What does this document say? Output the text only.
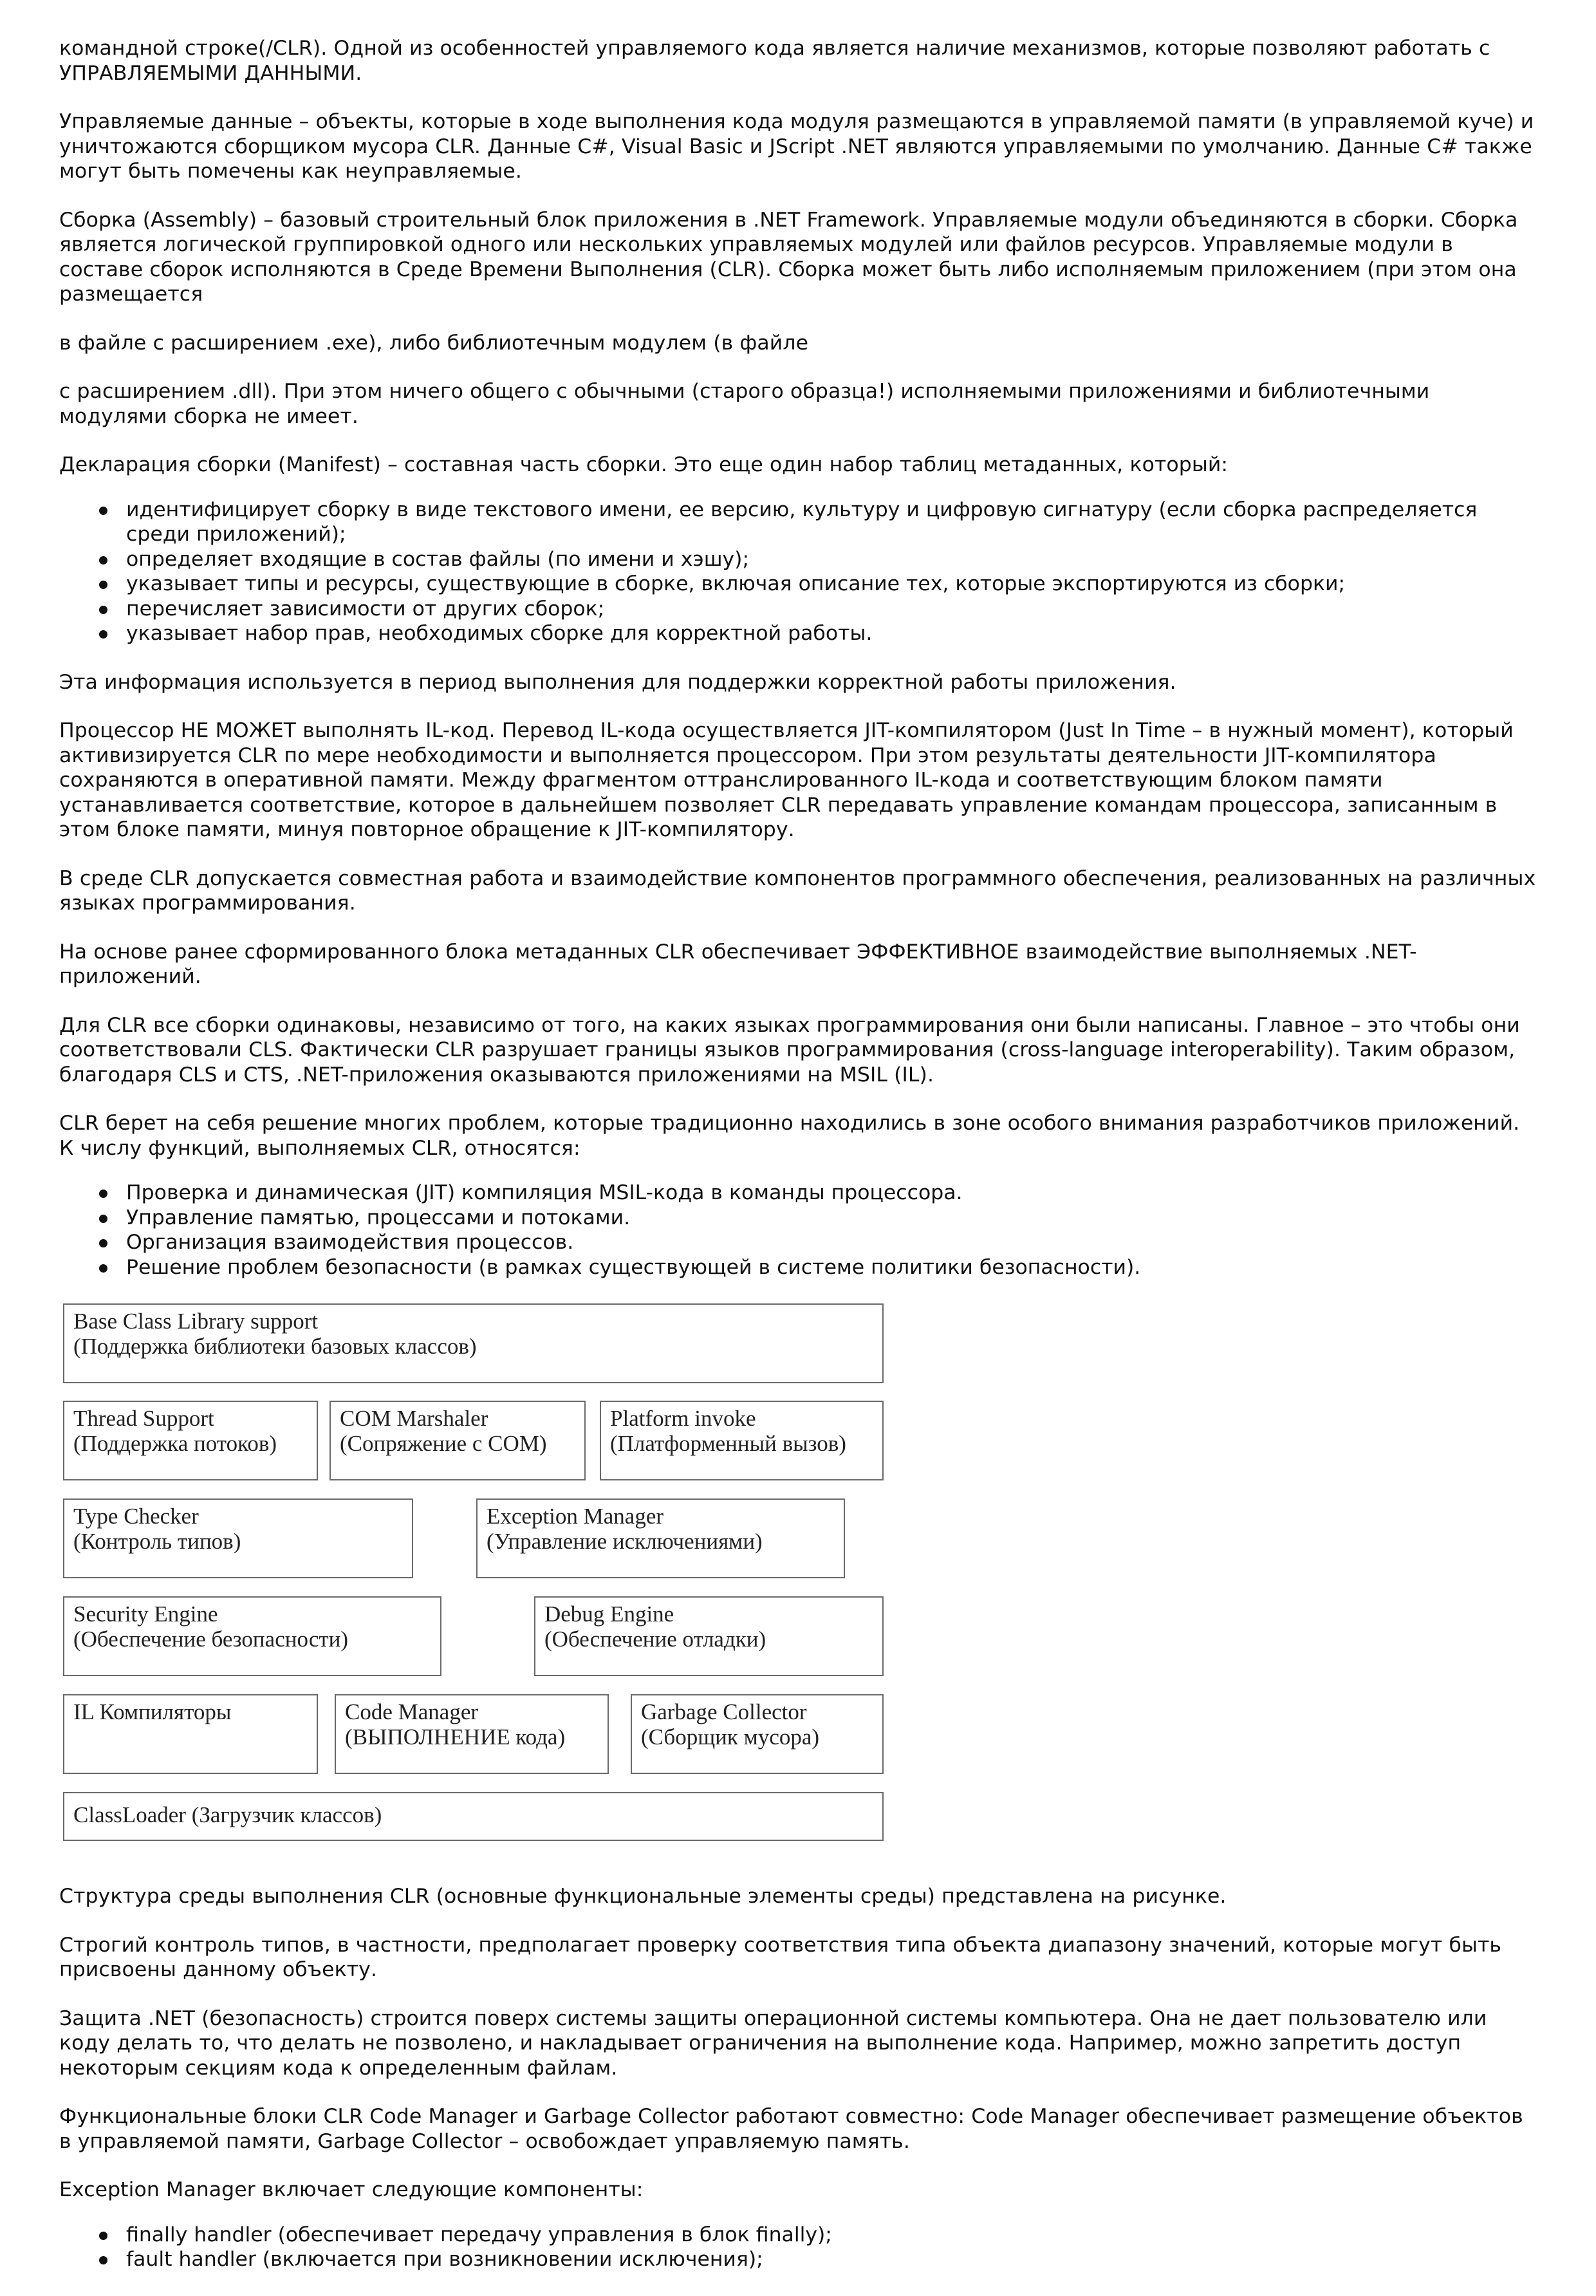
командной строке(/CLR). Одной из особенностей управляемого кода является наличие механизмов, которые позволяют работать с УПРАВЛЯЕМЫМИ ДАННЫМИ.

Управляемые данные – объекты, которые в ходе выполнения кода модуля размещаются в управляемой памяти (в управляемой куче) и уничтожаются сборщиком мусора CLR. Данные C#, Visual Basic и JScript .NET являются управляемыми по умолчанию. Данные C# также могут быть помечены как неуправляемые.

Сборка (Assembly) – базовый строительный блок приложения в .NET Framework. Управляемые модули объединяются в сборки. Сборка является логической группировкой одного или нескольких управляемых модулей или файлов ресурсов. Управляемые модули в составе сборок исполняются в Среде Времени Выполнения (CLR). Сборка может быть либо исполняемым приложением (при этом она размещается

в файле с расширением .exe), либо библиотечным модулем (в файле

с расширением .dll). При этом ничего общего с обычными (старого образца!) исполняемыми приложениями и библиотечными модулями сборка не имеет.

Декларация сборки (Manifest) – составная часть сборки. Это еще один набор таблиц метаданных, который:

идентифицирует сборку в виде текстового имени, ее версию, культуру и цифровую сигнатуру (если сборка распределяется среди приложений);
определяет входящие в состав файлы (по имени и хэшу);
указывает типы и ресурсы, существующие в сборке, включая описание тех, которые экспортируются из сборки;
перечисляет зависимости от других сборок;
указывает набор прав, необходимых сборке для корректной работы.

Эта информация используется в период выполнения для поддержки корректной работы приложения.

Процессор НЕ МОЖЕТ выполнять IL-код. Перевод IL-кода осуществляется JIT-компилятором (Just In Time – в нужный момент), который активизируется CLR по мере необходимости и выполняется процессором. При этом результаты деятельности JIT-компилятора сохраняются в оперативной памяти. Между фрагментом оттранслированного IL-кода и соответствующим блоком памяти устанавливается соответствие, которое в дальнейшем позволяет CLR передавать управление командам процессора, записанным в этом блоке памяти, минуя повторное обращение к JIT-компилятору.

В среде CLR допускается совместная работа и взаимодействие компонентов программного обеспечения, реализованных на различных языках программирования.

На основе ранее сформированного блока метаданных CLR обеспечивает ЭФФЕКТИВНОЕ взаимодействие выполняемых .NET-приложений.

Для CLR все сборки одинаковы, независимо от того, на каких языках программирования они были написаны. Главное – это чтобы они соответствовали CLS. Фактически CLR разрушает границы языков программирования (cross-language interoperability). Таким образом, благодаря CLS и CTS, .NET-приложения оказываются приложениями на MSIL (IL).

CLR берет на себя решение многих проблем, которые традиционно находились в зоне особого внимания разработчиков приложений. К числу функций, выполняемых CLR, относятся:

Проверка и динамическая (JIT) компиляция MSIL-кода в команды процессора.
Управление памятью, процессами и потоками.
Организация взаимодействия процессов.
Решение проблем безопасности (в рамках существующей в системе политики безопасности).
Base Class Library support
(Поддержка библиотеки базовых классов)
Thread Support
(Поддержка потоков)
COM Marshaler
(Сопряжение с COM)
Platform invoke
(Платформенный вызов)
Type Checker
(Контроль типов)
Exception Manager
(Управление исключениями)
Security Engine
(Обеспечение безопасности)
Debug Engine
(Обеспечение отладки)
IL Компиляторы	Code Manager
(ВЫПОЛНЕНИЕ кода)
Garbage Collector
(Сборщик мусора)
ClassLoader (Загрузчик классов)

Структура среды выполнения CLR (основные функциональные элементы среды) представлена на рисунке.

Строгий контроль типов, в частности, предполагает проверку соответствия типа объекта диапазону значений, которые могут быть присвоены данному объекту.

Защита .NET (безопасность) строится поверх системы защиты операционной системы компьютера. Она не дает пользователю или коду делать то, что делать не позволено, и накладывает ограничения на выполнение кода. Например, можно запретить доступ некоторым секциям кода к определенным файлам.

Функциональные блоки CLR Code Manager и Garbage Collector работают совместно: Code Manager обеспечивает размещение объектов в управляемой памяти, Garbage Collector – освобождает управляемую память.

Exception Manager включает следующие компоненты:

finally handler (обеспечивает передачу управления в блок finally);
fault handler (включается при возникновении исключения);
